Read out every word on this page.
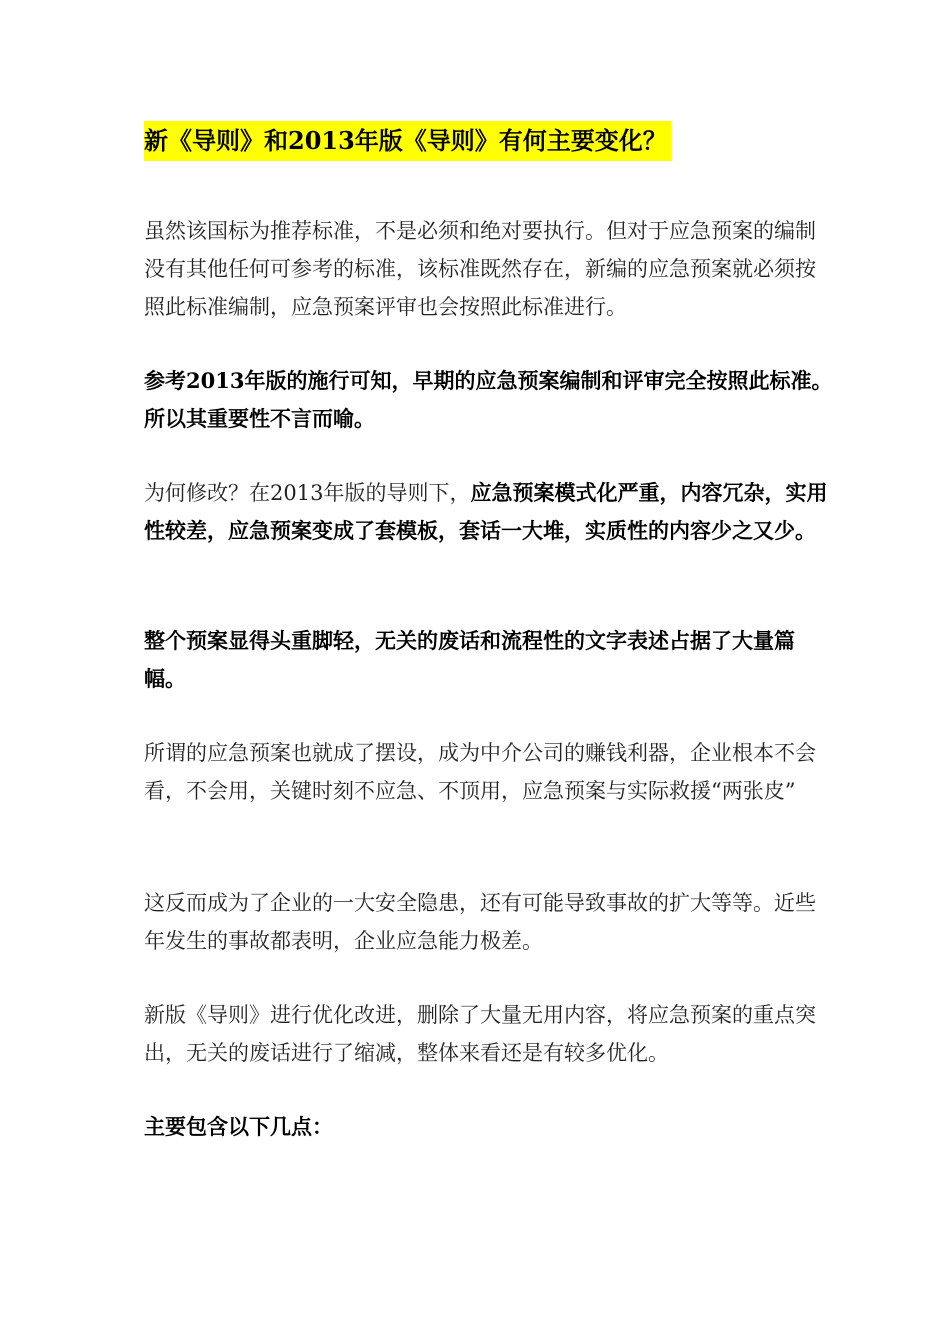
新《导则》和2013年版《导则》有何主要变化？

虽然该国标为推荐标准，不是必须和绝对要执行。但对于应急预案的编制没有其他任何可参考的标准，该标准既然存在，新编的应急预案就必须按照此标准编制，应急预案评审也会按照此标准进行。

参考2013年版的施行可知，早期的应急预案编制和评审完全按照此标准。所以其重要性不言而喻。

为何修改？在2013年版的导则下，应急预案模式化严重，内容冗杂，实用性较差，应急预案变成了套模板，套话一大堆，实质性的内容少之又少。

整个预案显得头重脚轻，无关的废话和流程性的文字表述占据了大量篇幅。

所谓的应急预案也就成了摆设，成为中介公司的赚钱利器，企业根本不会看，不会用，关键时刻不应急、不顶用，应急预案与实际救援“两张皮”

这反而成为了企业的一大安全隐患，还有可能导致事故的扩大等等。近些年发生的事故都表明，企业应急能力极差。

新版《导则》进行优化改进，删除了大量无用内容，将应急预案的重点突出，无关的废话进行了缩减，整体来看还是有较多优化。

主要包含以下几点：
